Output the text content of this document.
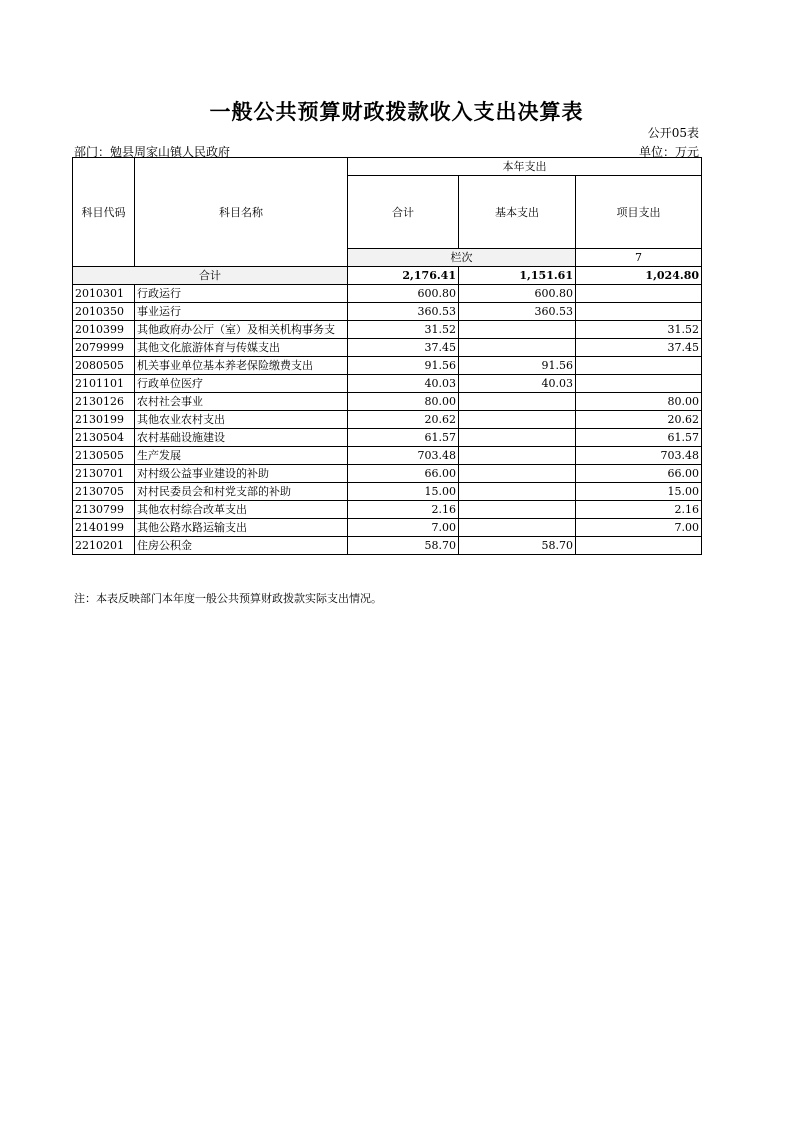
一般公共预算财政拨款收入支出决算表
公开05表
部门：勉县周家山镇人民政府	单位：万元
科目代码	科目名称	本年支出			
		合计	基本支出	项目支出	
		栏次		7		
合计		2,176.41	1,151.61	1,024.80	
2010301	行政运行	600.80	600.80		
2010350	事业运行	360.53	360.53		
2010399	其他政府办公厅（室）及相关机构事务支	31.52		31.52	
2079999	其他文化旅游体育与传媒支出	37.45		37.45	
2080505	机关事业单位基本养老保险缴费支出	91.56	91.56		
2101101	行政单位医疗	40.03	40.03		
2130126	农村社会事业	80.00		80.00	
2130199	其他农业农村支出	20.62		20.62	
2130504	农村基础设施建设	61.57		61.57	
2130505	生产发展	703.48		703.48	
2130701	对村级公益事业建设的补助	66.00		66.00	
2130705	对村民委员会和村党支部的补助	15.00		15.00	
2130799	其他农村综合改革支出	2.16		2.16	
2140199	其他公路水路运输支出	7.00		7.00	
2210201	住房公积金	58.70	58.70		
注：本表反映部门本年度一般公共预算财政拨款实际支出情况。
